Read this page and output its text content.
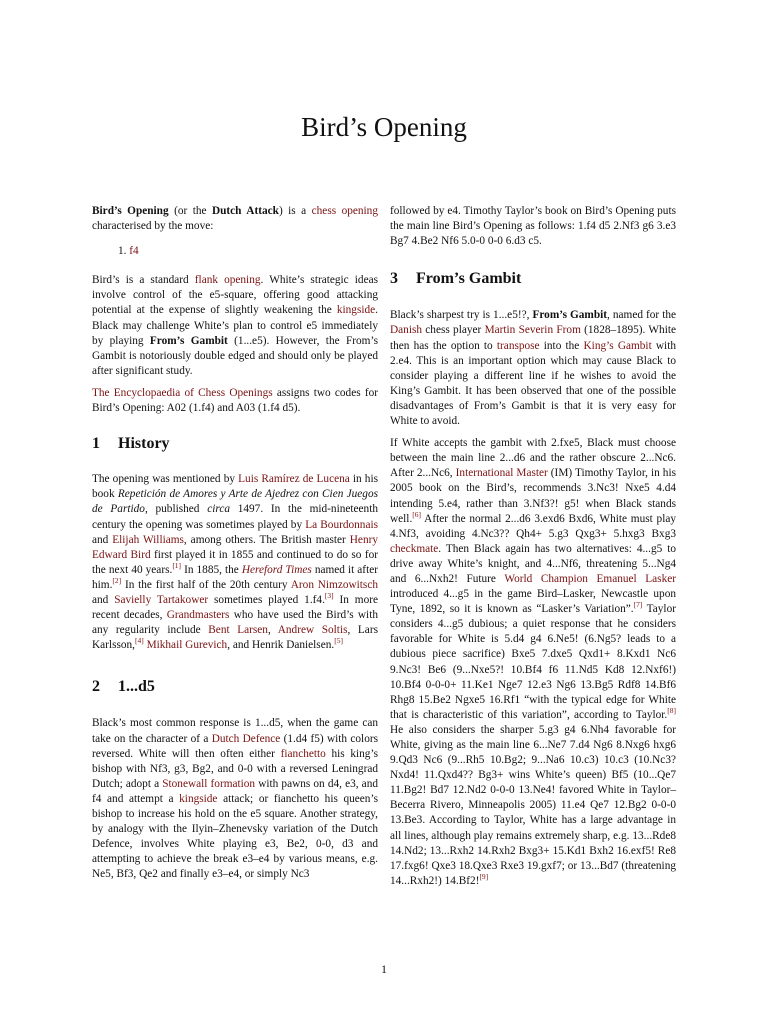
Bird’s Opening

Bird’s Opening (or the Dutch Attack) is a chess opening characterised by the move:

1. f4

Bird’s is a standard flank opening. White’s strategic ideas involve control of the e5-square, offering good attacking potential at the expense of slightly weakening the kingside. Black may challenge White’s plan to control e5 immediately by playing From’s Gambit (1...e5). However, the From’s Gambit is notoriously double edged and should only be played after significant study.

The Encyclopaedia of Chess Openings assigns two codes for Bird’s Opening: A02 (1.f4) and A03 (1.f4 d5).

1 History

The opening was mentioned by Luis Ramírez de Lucena in his book Repetición de Amores y Arte de Ajedrez con Cien Juegos de Partido, published circa 1497. In the mid-nineteenth century the opening was sometimes played by La Bourdonnais and Elijah Williams, among others. The British master Henry Edward Bird first played it in 1855 and continued to do so for the next 40 years.[1] In 1885, the Hereford Times named it after him.[2] In the first half of the 20th century Aron Nimzowitsch and Savielly Tartakower sometimes played 1.f4.[3] In more recent decades, Grandmasters who have used the Bird’s with any regularity include Bent Larsen, Andrew Soltis, Lars Karlsson,[4] Mikhail Gurevich, and Henrik Danielsen.[5]

2 1...d5

Black’s most common response is 1...d5, when the game can take on the character of a Dutch Defence (1.d4 f5) with colors reversed. White will then often either fianchetto his king’s bishop with Nf3, g3, Bg2, and 0-0 with a reversed Leningrad Dutch; adopt a Stonewall formation with pawns on d4, e3, and f4 and attempt a kingside attack; or fianchetto his queen’s bishop to increase his hold on the e5 square. Another strategy, by analogy with the Ilyin–Zhenevsky variation of the Dutch Defence, involves White playing e3, Be2, 0-0, d3 and attempting to achieve the break e3–e4 by various means, e.g. Ne5, Bf3, Qe2 and finally e3–e4, or simply Nc3

followed by e4. Timothy Taylor’s book on Bird’s Opening puts the main line Bird’s Opening as follows: 1.f4 d5 2.Nf3 g6 3.e3 Bg7 4.Be2 Nf6 5.0-0 0-0 6.d3 c5.

3 From’s Gambit

Black’s sharpest try is 1...e5!?, From’s Gambit, named for the Danish chess player Martin Severin From (1828–1895). White then has the option to transpose into the King’s Gambit with 2.e4. This is an important option which may cause Black to consider playing a different line if he wishes to avoid the King’s Gambit. It has been observed that one of the possible disadvantages of From’s Gambit is that it is very easy for White to avoid.

If White accepts the gambit with 2.fxe5, Black must choose between the main line 2...d6 and the rather obscure 2...Nc6. After 2...Nc6, International Master (IM) Timothy Taylor, in his 2005 book on the Bird’s, recommends 3.Nc3! Nxe5 4.d4 intending 5.e4, rather than 3.Nf3?! g5! when Black stands well.[6] After the normal 2...d6 3.exd6 Bxd6, White must play 4.Nf3, avoiding 4.Nc3?? Qh4+ 5.g3 Qxg3+ 5.hxg3 Bxg3 checkmate. Then Black again has two alternatives: 4...g5 to drive away White’s knight, and 4...Nf6, threatening 5...Ng4 and 6...Nxh2! Future World Champion Emanuel Lasker introduced 4...g5 in the game Bird–Lasker, Newcastle upon Tyne, 1892, so it is known as “Lasker’s Variation”.[7] Taylor considers 4...g5 dubious; a quiet response that he considers favorable for White is 5.d4 g4 6.Ne5! (6.Ng5? leads to a dubious piece sacrifice) Bxe5 7.dxe5 Qxd1+ 8.Kxd1 Nc6 9.Nc3! Be6 (9...Nxe5?! 10.Bf4 f6 11.Nd5 Kd8 12.Nxf6!) 10.Bf4 0-0-0+ 11.Ke1 Nge7 12.e3 Ng6 13.Bg5 Rdf8 14.Bf6 Rhg8 15.Be2 Ngxe5 16.Rf1 “with the typical edge for White that is characteristic of this variation”, according to Taylor.[8] He also considers the sharper 5.g3 g4 6.Nh4 favorable for White, giving as the main line 6...Ne7 7.d4 Ng6 8.Nxg6 hxg6 9.Qd3 Nc6 (9...Rh5 10.Bg2; 9...Na6 10.c3) 10.c3 (10.Nc3? Nxd4! 11.Qxd4?? Bg3+ wins White’s queen) Bf5 (10...Qe7 11.Bg2! Bd7 12.Nd2 0-0-0 13.Ne4! favored White in Taylor–Becerra Rivero, Minneapolis 2005) 11.e4 Qe7 12.Bg2 0-0-0 13.Be3. According to Taylor, White has a large advantage in all lines, although play remains extremely sharp, e.g. 13...Rde8 14.Nd2; 13...Rxh2 14.Rxh2 Bxg3+ 15.Kd1 Bxh2 16.exf5! Re8 17.fxg6! Qxe3 18.Qxe3 Rxe3 19.gxf7; or 13...Bd7 (threatening 14...Rxh2!) 14.Bf2![9]

1
